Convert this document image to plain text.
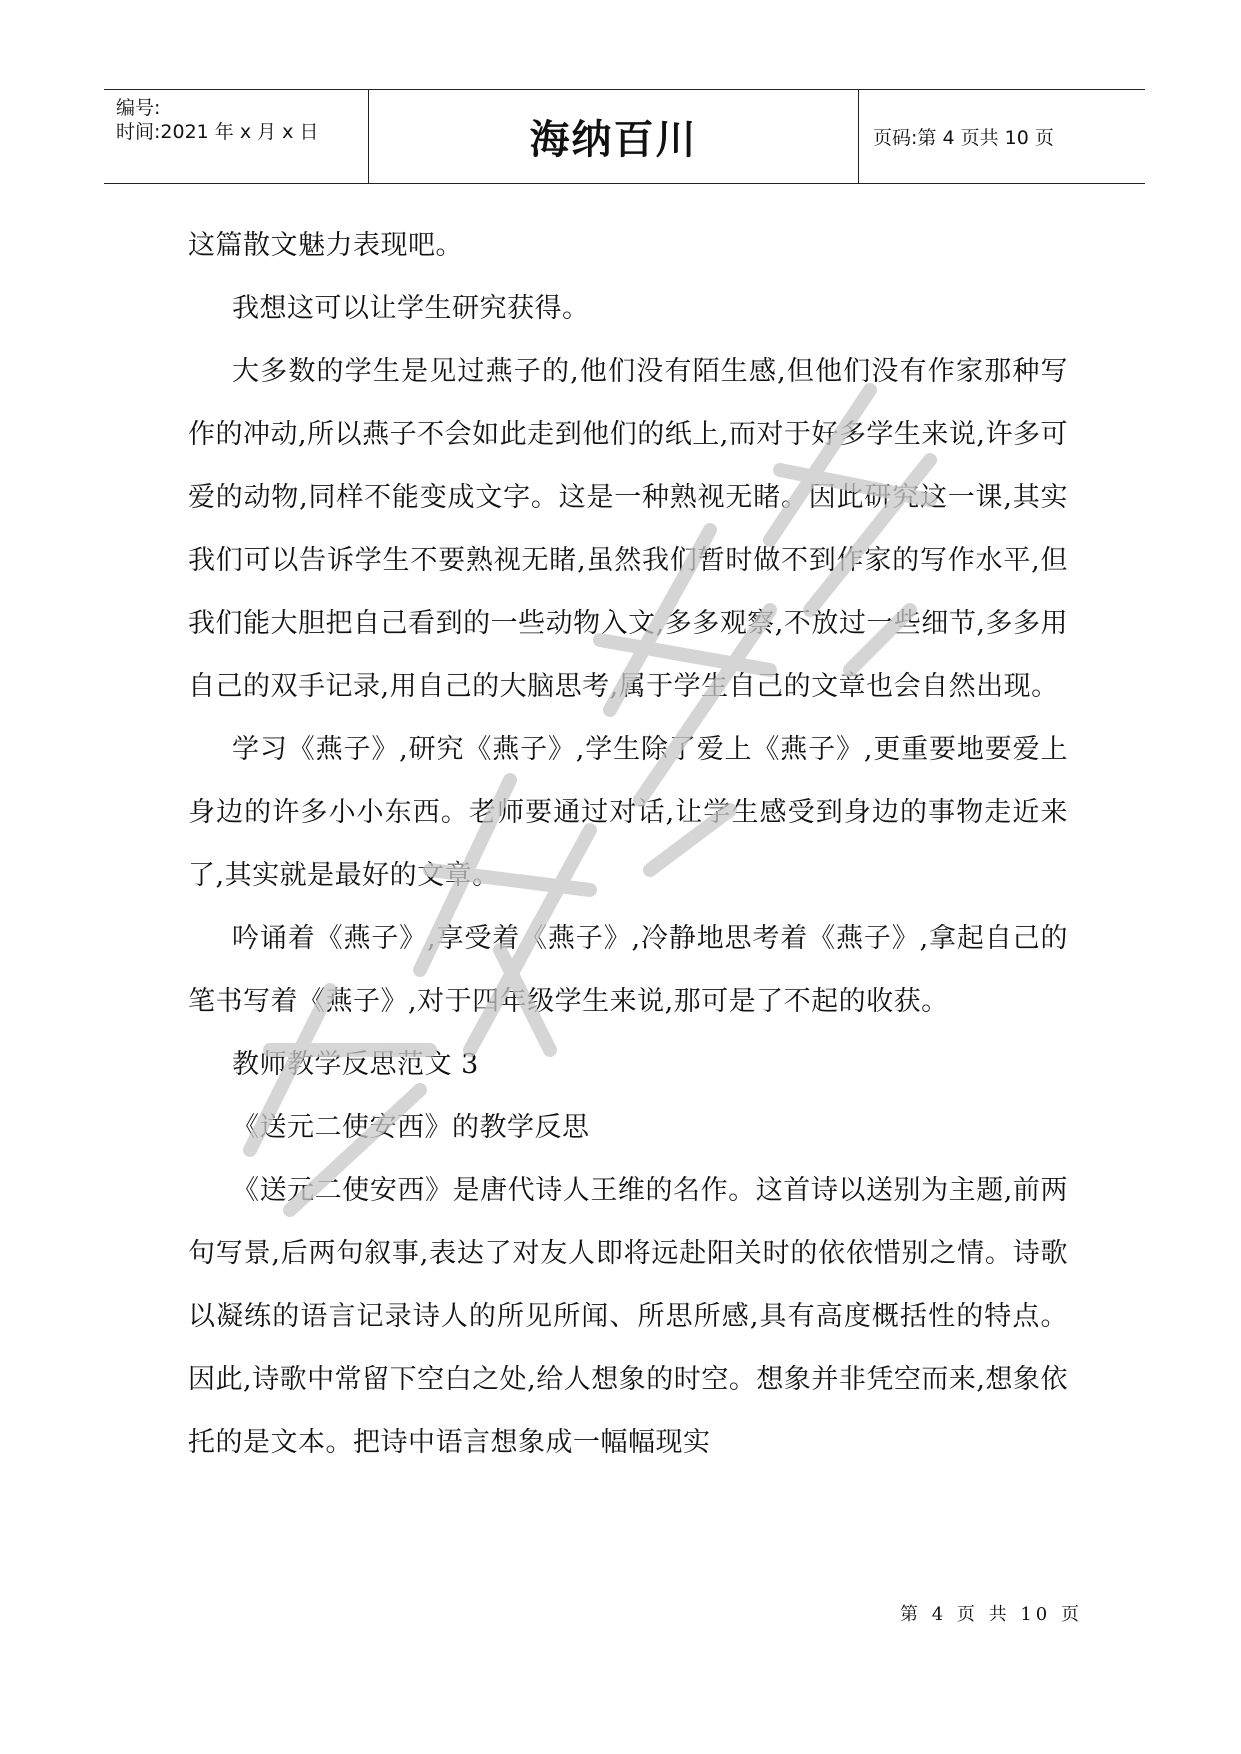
编号:
时间:2021 年 x 月 x 日	海纳百川	页码:第 4 页共 10 页

这篇散文魅力表现吧。

我想这可以让学生研究获得。

大多数的学生是见过燕子的,他们没有陌生感,但他们没有作家那种写作的冲动,所以燕子不会如此走到他们的纸上,而对于好多学生来说,许多可爱的动物,同样不能变成文字。这是一种熟视无睹。因此研究这一课,其实我们可以告诉学生不要熟视无睹,虽然我们暂时做不到作家的写作水平,但我们能大胆把自己看到的一些动物入文,多多观察,不放过一些细节,多多用自己的双手记录,用自己的大脑思考,属于学生自己的文章也会自然出现。

学习《燕子》,研究《燕子》,学生除了爱上《燕子》,更重要地要爱上身边的许多小小东西。老师要通过对话,让学生感受到身边的事物走近来了,其实就是最好的文章。

吟诵着《燕子》,享受着《燕子》,冷静地思考着《燕子》,拿起自己的笔书写着《燕子》,对于四年级学生来说,那可是了不起的收获。

教师教学反思范文 3

《送元二使安西》的教学反思

《送元二使安西》是唐代诗人王维的名作。这首诗以送别为主题,前两句写景,后两句叙事,表达了对友人即将远赴阳关时的依依惜别之情。诗歌以凝练的语言记录诗人的所见所闻、所思所感,具有高度概括性的特点。因此,诗歌中常留下空白之处,给人想象的时空。想象并非凭空而来,想象依托的是文本。把诗中语言想象成一幅幅现实

严禁复制
第 4 页 共 10 页
